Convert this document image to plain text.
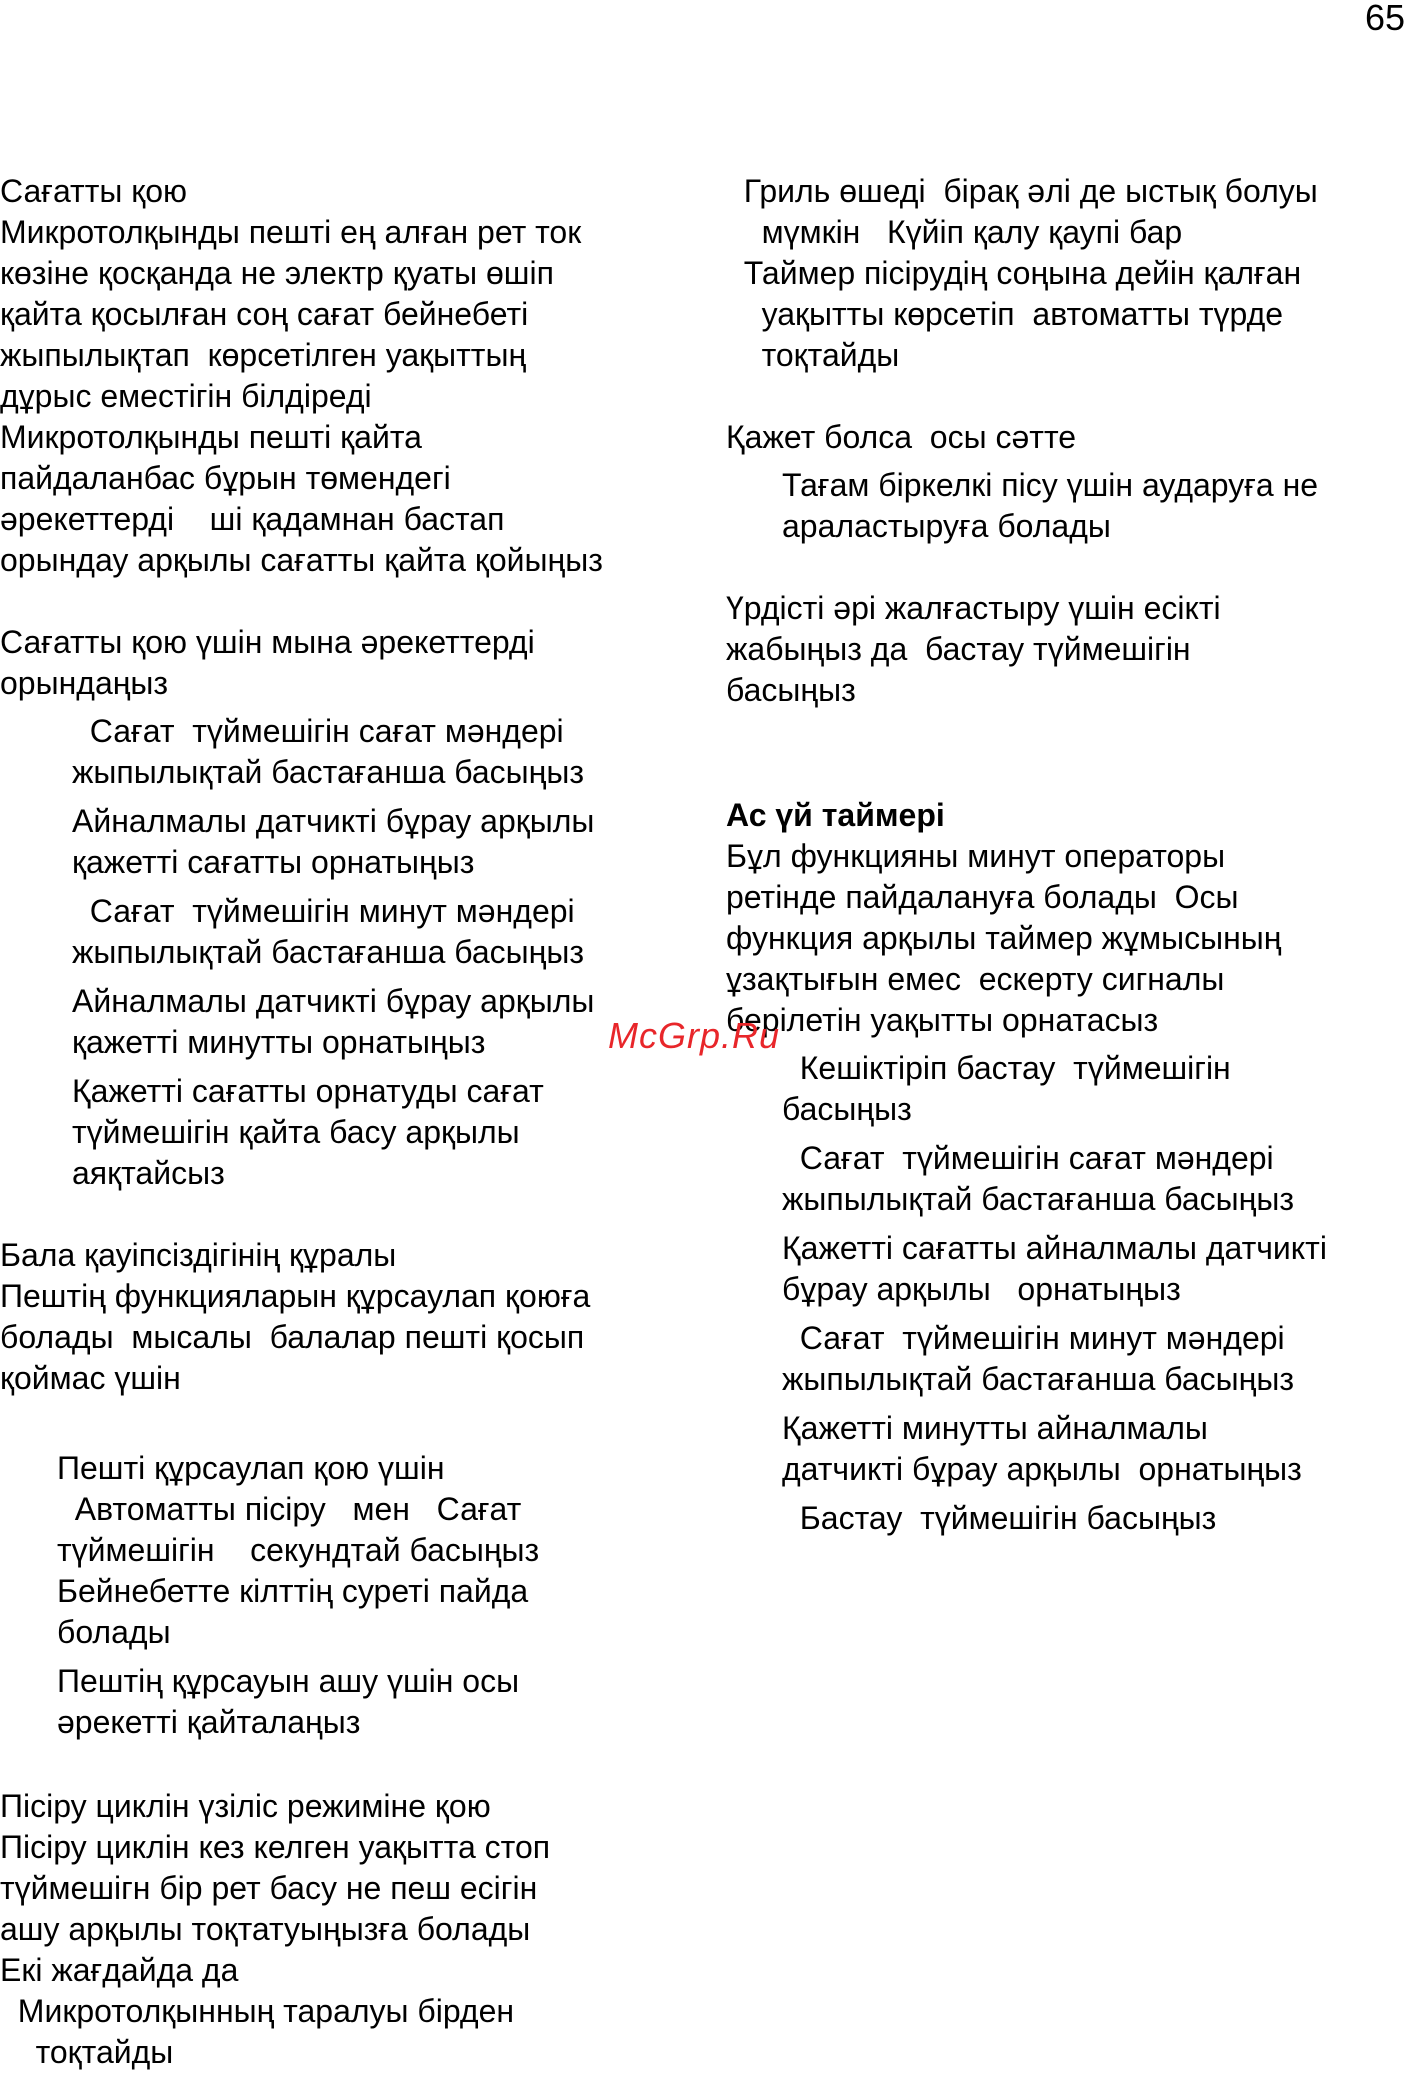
65
Сағатты қою
Микротолқынды пешті ең алған рет ток
көзіне қосқанда не электр қуаты өшіп
қайта қосылған соң сағат бейнебеті
жыпылықтап  көрсетілген уақыттың
дұрыс еместігін білдіреді
Микротолқынды пешті қайта
пайдаланбас бұрын төмендегі
әрекеттерді    ші қадамнан бастап
орындау арқылы сағатты қайта қойыңыз
Сағатты қою үшін мына әрекеттерді
орындаңыз
Сағат  түймешігін сағат мәндері
жыпылықтай бастағанша басыңыз
Айналмалы датчикті бұрау арқылы
қажетті сағатты орнатыңыз
Сағат  түймешігін минут мәндері
жыпылықтай бастағанша басыңыз
Айналмалы датчикті бұрау арқылы
қажетті минутты орнатыңыз
Қажетті сағатты орнатуды сағат
түймешігін қайта басу арқылы
аяқтайсыз
Бала қауіпсіздігінің құралы
Пештің функцияларын құрсаулап қоюға
болады  мысалы  балалар пешті қосып
қоймас үшін
Пешті құрсаулап қою үшін
Автоматты пісіру   мен   Сағат
түймешігін    секундтай басыңыз
Бейнебетте кілттің суреті пайда
болады
Пештің құрсауын ашу үшін осы
әрекетті қайталаңыз
Пісіру циклін үзіліс режиміне қою
Пісіру циклін кез келген уақытта стоп
түймешігн бір рет басу не пеш есігін
ашу арқылы тоқтатуыңызға болады
Екі жағдайда да
Микротолқынның таралуы бірден
тоқтайды
Гриль өшеді  бірақ әлі де ыстық болуы
мүмкін   Күйіп қалу қаупі бар
Таймер пісірудің соңына дейін қалған
уақытты көрсетіп  автоматты түрде
тоқтайды
Қажет болса  осы сәтте
Тағам біркелкі пісу үшін аударуға не
араластыруға болады
Үрдісті әрі жалғастыру үшін есікті
жабыңыз да  бастау түймешігін
басыңыз
Ас үй таймері
Бұл функцияны минут операторы
ретінде пайдалануға болады  Осы
функция арқылы таймер жұмысының
ұзақтығын емес  ескерту сигналы
берілетін уақытты орнатасыз
Кешіктіріп бастау  түймешігін
басыңыз
Сағат  түймешігін сағат мәндері
жыпылықтай бастағанша басыңыз
Қажетті сағатты айналмалы датчикті
бұрау арқылы   орнатыңыз
Сағат  түймешігін минут мәндері
жыпылықтай бастағанша басыңыз
Қажетті минутты айналмалы
датчикті бұрау арқылы  орнатыңыз
Бастау  түймешігін басыңыз
McGrp.Ru
